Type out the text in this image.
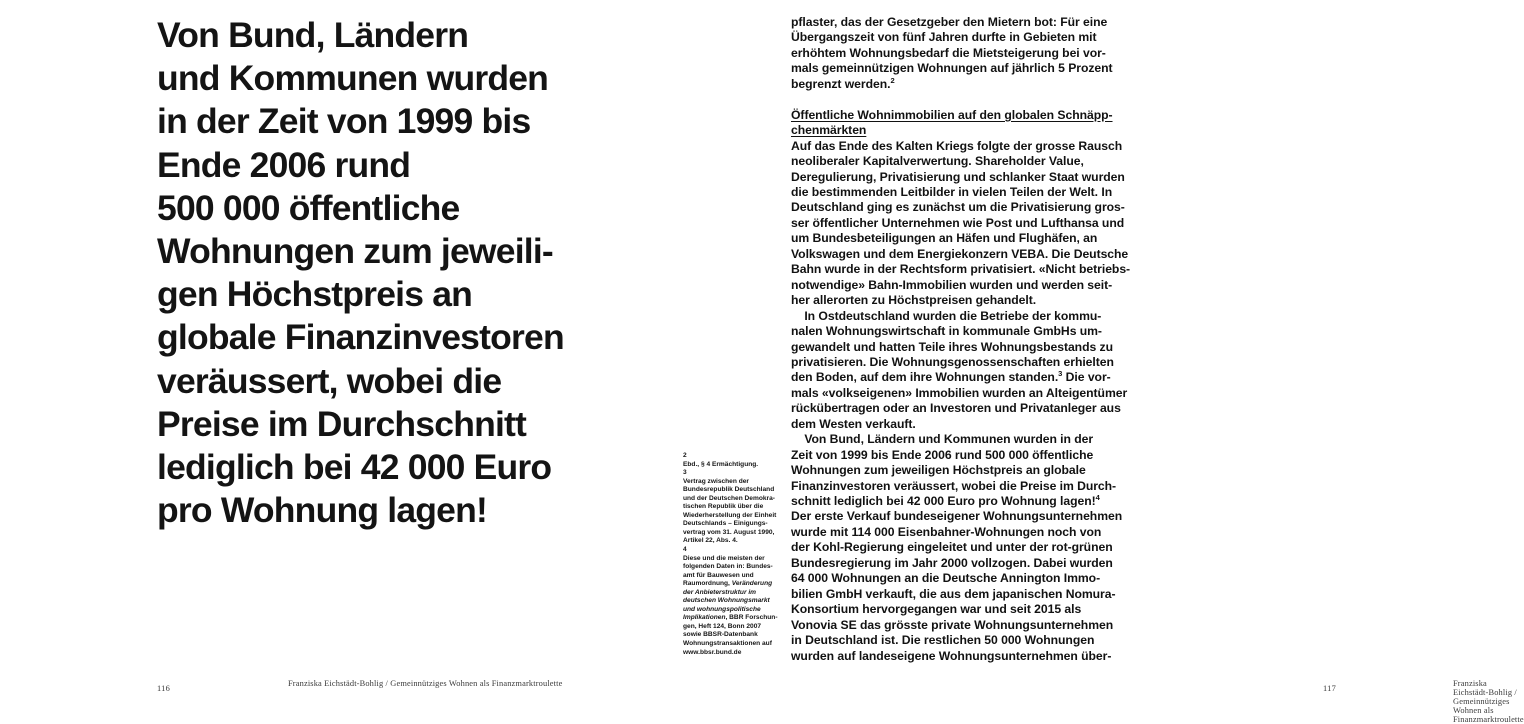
Von Bund, Ländern
und Kommunen wurden
in der Zeit von 1999 bis
Ende 2006 rund
500 000 öffentliche
Wohnungen zum jeweili-
gen Höchstpreis an
globale Finanzinvestoren
veräussert, wobei die
Preise im Durchschnitt
lediglich bei 42 000 Euro
pro Wohnung lagen!
116
Franziska Eichstädt-Bohlig / Gemeinnütziges Wohnen als Finanzmarktroulette
2
Ebd., § 4 Ermächtigung.
3
Vertrag zwischen der
Bundesrepublik Deutschland
und der Deutschen Demokra-
tischen Republik über die
Wiederherstellung der Einheit
Deutschlands – Einigungs-
vertrag vom 31. August 1990,
Artikel 22, Abs. 4.
4
Diese und die meisten der
folgenden Daten in: Bundes-
amt für Bauwesen und
Raumordnung, Veränderung
der Anbieterstruktur im
deutschen Wohnungsmarkt
und wohnungspolitische
Implikationen, BBR Forschun-
gen, Heft 124, Bonn 2007
sowie BBSR-Datenbank
Wohnungstransaktionen auf
www.bbsr.bund.de
pflaster, das der Gesetzgeber den Mietern bot: Für eine
Übergangszeit von fünf Jahren durfte in Gebieten mit
erhöhtem Wohnungsbedarf die Mietsteigerung bei vor-
mals gemeinnützigen Wohnungen auf jährlich 5 Prozent
begrenzt werden.$^2$
Öffentliche Wohnimmobilien auf den globalen Schnäpp-
chenmärkten
Auf das Ende des Kalten Kriegs folgte der grosse Rausch
neoliberaler Kapitalverwertung. Shareholder Value,
Deregulierung, Privatisierung und schlanker Staat wurden
die bestimmenden Leitbilder in vielen Teilen der Welt. In
Deutschland ging es zunächst um die Privatisierung gros-
ser öffentlicher Unternehmen wie Post und Lufthansa und
um Bundesbeteiligungen an Häfen und Flughäfen, an
Volkswagen und dem Energiekonzern VEBA. Die Deutsche
Bahn wurde in der Rechtsform privatisiert. «Nicht betriebs-
notwendige» Bahn-Immobilien wurden und werden seit-
her allerorten zu Höchstpreisen gehandelt.
In Ostdeutschland wurden die Betriebe der kommu-
nalen Wohnungswirtschaft in kommunale GmbHs um-
gewandelt und hatten Teile ihres Wohnungsbestands zu
privatisieren. Die Wohnungsgenossenschaften erhielten
den Boden, auf dem ihre Wohnungen standen.$^3$ Die vor-
mals «volkseigenen» Immobilien wurden an Alteigentümer
rückübertragen oder an Investoren und Privatanleger aus
dem Westen verkauft.
Von Bund, Ländern und Kommunen wurden in der
Zeit von 1999 bis Ende 2006 rund 500 000 öffentliche
Wohnungen zum jeweiligen Höchstpreis an globale
Finanzinvestoren veräussert, wobei die Preise im Durch-
schnitt lediglich bei 42 000 Euro pro Wohnung lagen!$^4$
Der erste Verkauf bundeseigener Wohnungsunternehmen
wurde mit 114 000 Eisenbahner-Wohnungen noch von
der Kohl-Regierung eingeleitet und unter der rot-grünen
Bundesregierung im Jahr 2000 vollzogen. Dabei wurden
64 000 Wohnungen an die Deutsche Annington Immo-
bilien GmbH verkauft, die aus dem japanischen Nomura-
Konsortium hervorgegangen war und seit 2015 als
Vonovia SE das grösste private Wohnungsunternehmen
in Deutschland ist. Die restlichen 50 000 Wohnungen
wurden auf landeseigene Wohnungsunternehmen über-
117
Franziska Eichstädt-Bohlig / Gemeinnütziges Wohnen als Finanzmarktroulette
